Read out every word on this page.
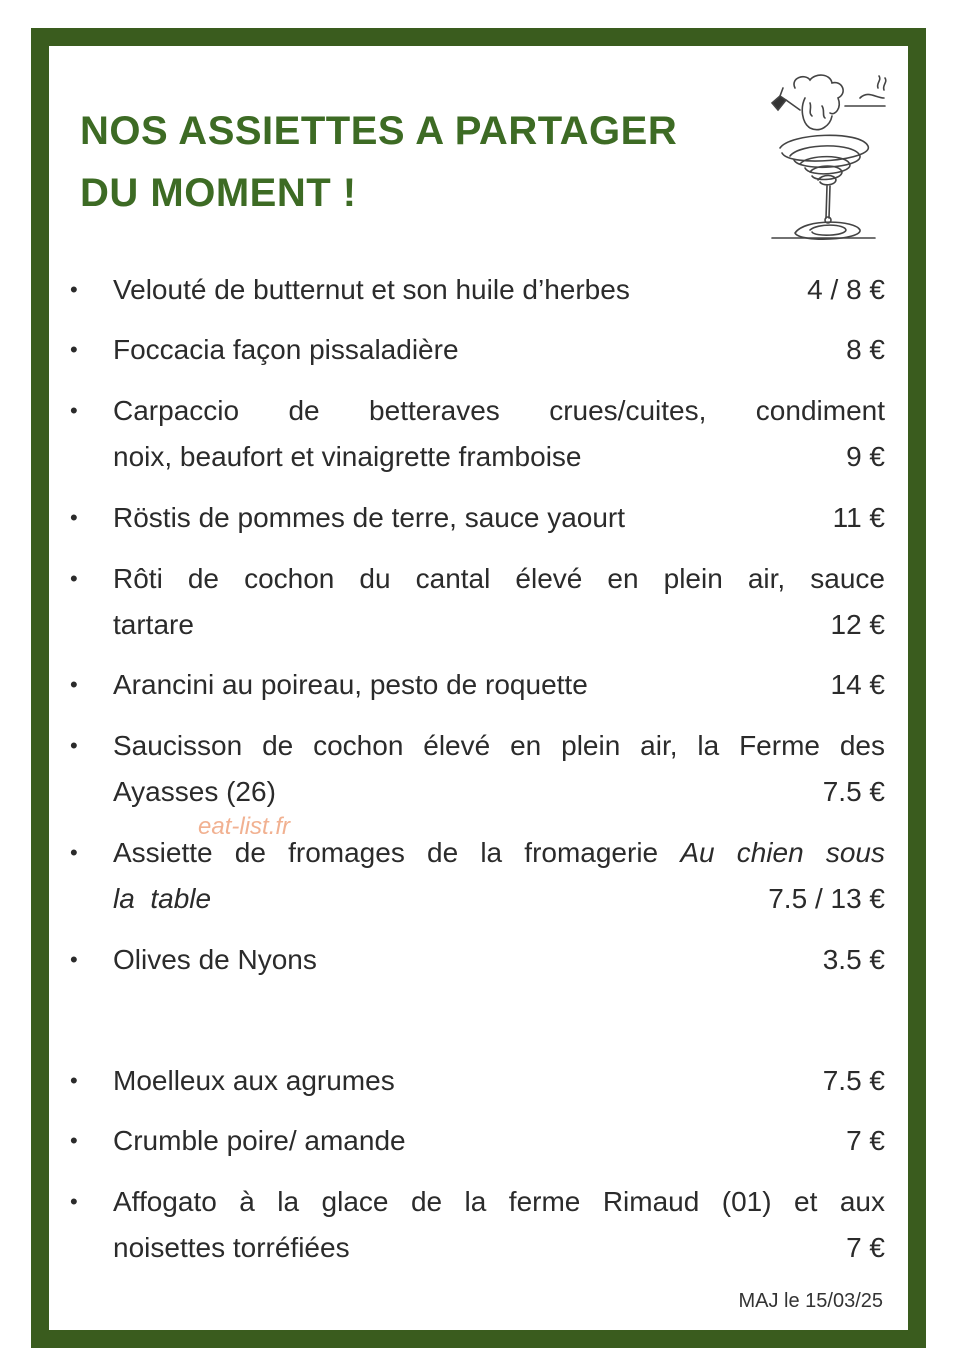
NOS ASSIETTES A PARTAGER
DU MOMENT !
• Velouté de butternut et son huile d’herbes	4 / 8 €
• Foccacia façon pissaladière	8 €
• Carpaccio de betteraves crues/cuites, condiment
noix, beaufort et vinaigrette framboise	9 €
• Röstis de pommes de terre, sauce yaourt	11 €
• Rôti de cochon du cantal élevé en plein air, sauce
tartare	12 €
• Arancini au poireau, pesto de roquette	14 €
• Saucisson de cochon élevé en plein air, la Ferme des
Ayasses (26)	7.5 €
• Assiette de fromages de la fromagerie Au chien sous
la  table	7.5 / 13 €
• Olives de Nyons	3.5 €
• Moelleux aux agrumes	7.5 €
• Crumble poire/ amande	7 €
• Affogato à la glace de la ferme Rimaud (01) et aux
noisettes torréfiées	7 €
eat-list.fr
MAJ le 15/03/25
